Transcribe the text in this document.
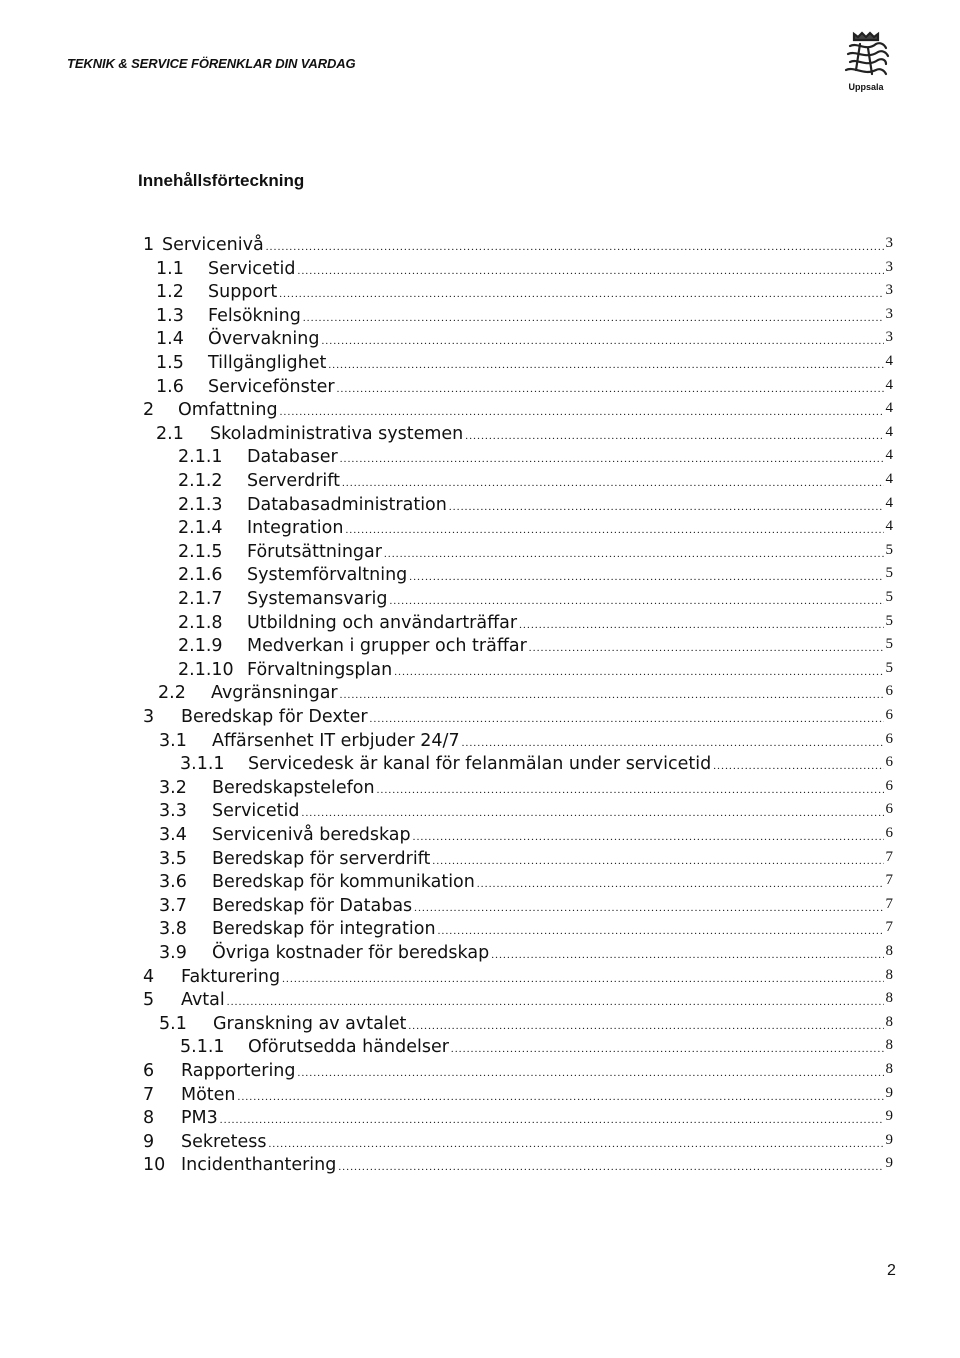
TEKNIK & SERVICE FÖRENKLAR DIN VARDAG
Uppsala
Innehållsförteckning
1 Servicenivå .....	3
1.1	Servicetid .....	3
1.2	Support .....	3
1.3	Felsökning .....	3
1.4	Övervakning .....	3
1.5	Tillgänglighet .....	4
1.6	Servicefönster .....	4
2	Omfattning .....	4
2.1	Skoladministrativa systemen .....	4
2.1.1	Databaser .....	4
2.1.2	Serverdrift .....	4
2.1.3	Databasadministration .....	4
2.1.4	Integration .....	4
2.1.5	Förutsättningar .....	5
2.1.6	Systemförvaltning .....	5
2.1.7	Systemansvarig .....	5
2.1.8	Utbildning och användarträffar .....	5
2.1.9	Medverkan i grupper och träffar .....	5
2.1.10 Förvaltningsplan .....	5
2.2	Avgränsningar .....	6
3	Beredskap för Dexter .....	6
3.1	Affärsenhet IT erbjuder 24/7 .....	6
3.1.1	Servicedesk är kanal för felanmälan under servicetid .....	6
3.2	Beredskapstelefon .....	6
3.3	Servicetid .....	6
3.4	Servicenivå beredskap .....	6
3.5	Beredskap för serverdrift .....	7
3.6	Beredskap för kommunikation .....	7
3.7	Beredskap för Databas .....	7
3.8	Beredskap för integration .....	7
3.9	Övriga kostnader för beredskap .....	8
4	Fakturering .....	8
5	Avtal .....	8
5.1	Granskning av avtalet .....	8
5.1.1	Oförutsedda händelser .....	8
6	Rapportering .....	8
7	Möten .....	9
8	PM3 .....	9
9	Sekretess .....	9
10 Incidenthantering .....	9
2
